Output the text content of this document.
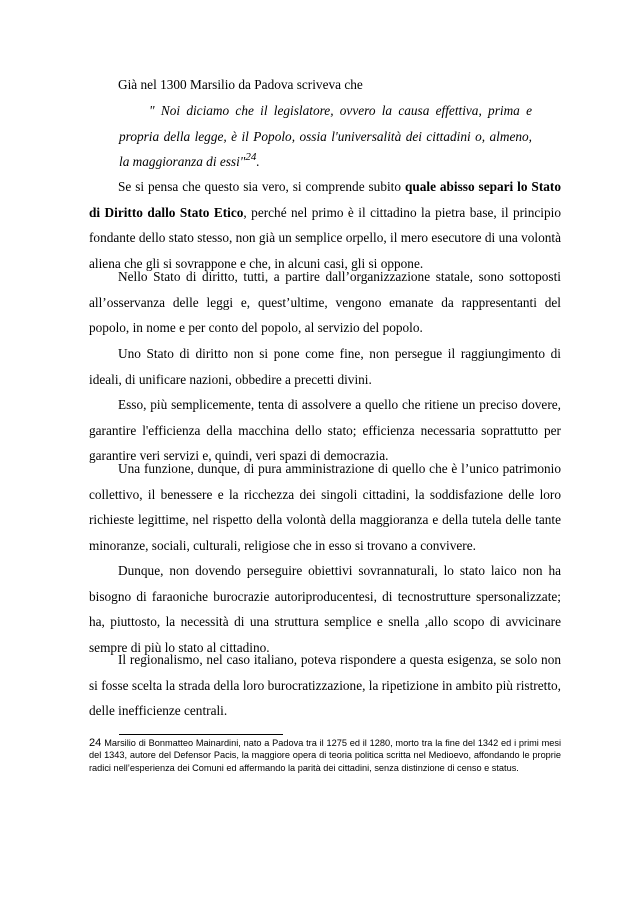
Già nel 1300 Marsilio da Padova scriveva che

" Noi diciamo che il legislatore, ovvero la causa effettiva, prima e propria della legge, è il Popolo, ossia l'universalità dei cittadini o, almeno, la maggioranza di essi"$^{24}$.

Se si pensa che questo sia vero, si comprende subito quale abisso separi lo Stato di Diritto dallo Stato Etico, perché nel primo è il cittadino la pietra base, il principio fondante dello stato stesso, non già un semplice orpello, il mero esecutore di una volontà aliena che gli si sovrappone e che, in alcuni casi, gli si oppone.

Nello Stato di diritto, tutti, a partire dall’organizzazione statale, sono sottoposti all’osservanza delle leggi e, quest’ultime, vengono emanate da rappresentanti del popolo, in nome e per conto del popolo, al servizio del popolo.

Uno Stato di diritto non si pone come fine, non persegue il raggiungimento di ideali, di unificare nazioni, obbedire a precetti divini.

Esso, più semplicemente, tenta di assolvere a quello che ritiene un preciso dovere, garantire l'efficienza della macchina dello stato; efficienza necessaria soprattutto per garantire veri servizi e, quindi, veri spazi di democrazia.

Una funzione, dunque, di pura amministrazione di quello che è l’unico patrimonio collettivo, il benessere e la ricchezza dei singoli cittadini, la soddisfazione delle loro richieste legittime, nel rispetto della volontà della maggioranza e della tutela delle tante minoranze, sociali, culturali, religiose che in esso si trovano a convivere.

Dunque, non dovendo perseguire obiettivi sovrannaturali, lo stato laico non ha bisogno di faraoniche burocrazie autoriproducentesi, di tecnostrutture spersonalizzate; ha, piuttosto, la necessità di una struttura semplice e snella ,allo scopo di avvicinare sempre di più lo stato al cittadino.

Il regionalismo, nel caso italiano, poteva rispondere a questa esigenza, se solo non si fosse scelta la strada della loro burocratizzazione, la ripetizione in ambito più ristretto, delle inefficienze centrali.

24 Marsilio di Bonmatteo Mainardini, nato a Padova tra il 1275 ed il 1280, morto tra la fine del 1342 ed i primi mesi del 1343, autore del Defensor Pacis, la maggiore opera di teoria politica scritta nel Medioevo, affondando le proprie radici nell’esperienza dei Comuni ed affermando la parità dei cittadini, senza distinzione di censo e status.
